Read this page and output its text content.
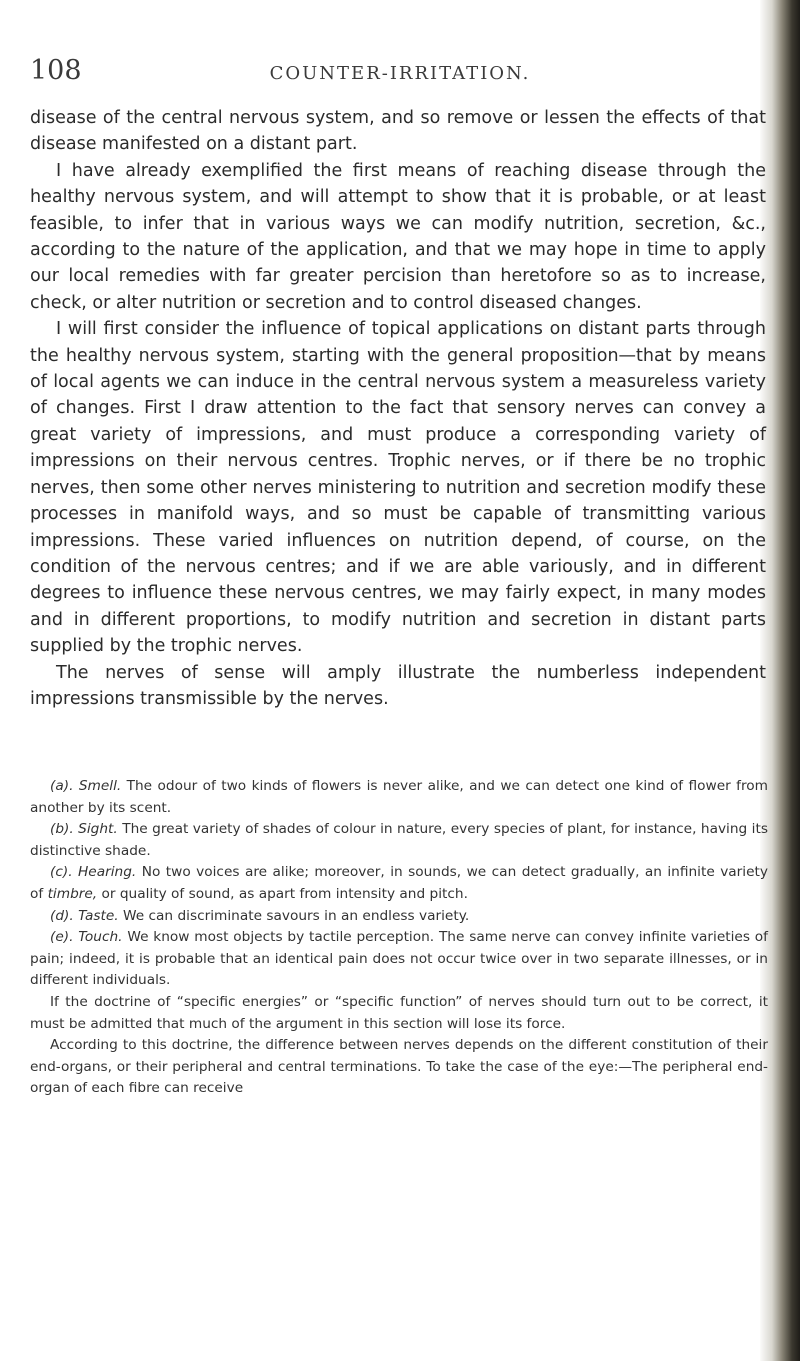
108	COUNTER-IRRITATION.

disease of the central nervous system, and so remove or lessen the effects of that disease manifested on a distant part.

I have already exemplified the first means of reaching disease through the healthy nervous system, and will attempt to show that it is probable, or at least feasible, to infer that in various ways we can modify nutrition, secretion, &c., according to the nature of the application, and that we may hope in time to apply our local remedies with far greater percision than heretofore so as to increase, check, or alter nutrition or secretion and to control diseased changes.

I will first consider the influence of topical applications on distant parts through the healthy nervous system, starting with the general proposition—that by means of local agents we can induce in the central nervous system a measureless variety of changes. First I draw attention to the fact that sensory nerves can convey a great variety of impressions, and must produce a corresponding variety of impressions on their nervous centres. Trophic nerves, or if there be no trophic nerves, then some other nerves ministering to nutrition and secretion modify these processes in manifold ways, and so must be capable of transmitting various impressions. These varied influences on nutrition depend, of course, on the condition of the nervous centres; and if we are able variously, and in different degrees to influence these nervous centres, we may fairly expect, in many modes and in different proportions, to modify nutrition and secretion in distant parts supplied by the trophic nerves.

The nerves of sense will amply illustrate the numberless independent impressions transmissible by the nerves.

(a). Smell. The odour of two kinds of flowers is never alike, and we can detect one kind of flower from another by its scent.

(b). Sight. The great variety of shades of colour in nature, every species of plant, for instance, having its distinctive shade.

(c). Hearing. No two voices are alike; moreover, in sounds, we can detect gradually, an infinite variety of timbre, or quality of sound, as apart from intensity and pitch.

(d). Taste. We can discriminate savours in an endless variety.

(e). Touch. We know most objects by tactile perception. The same nerve can convey infinite varieties of pain; indeed, it is probable that an identical pain does not occur twice over in two separate illnesses, or in different individuals.

If the doctrine of “specific energies” or “specific function” of nerves should turn out to be correct, it must be admitted that much of the argument in this section will lose its force.

According to this doctrine, the difference between nerves depends on the different constitution of their end-organs, or their peripheral and central terminations. To take the case of the eye:—The peripheral end-organ of each fibre can receive
